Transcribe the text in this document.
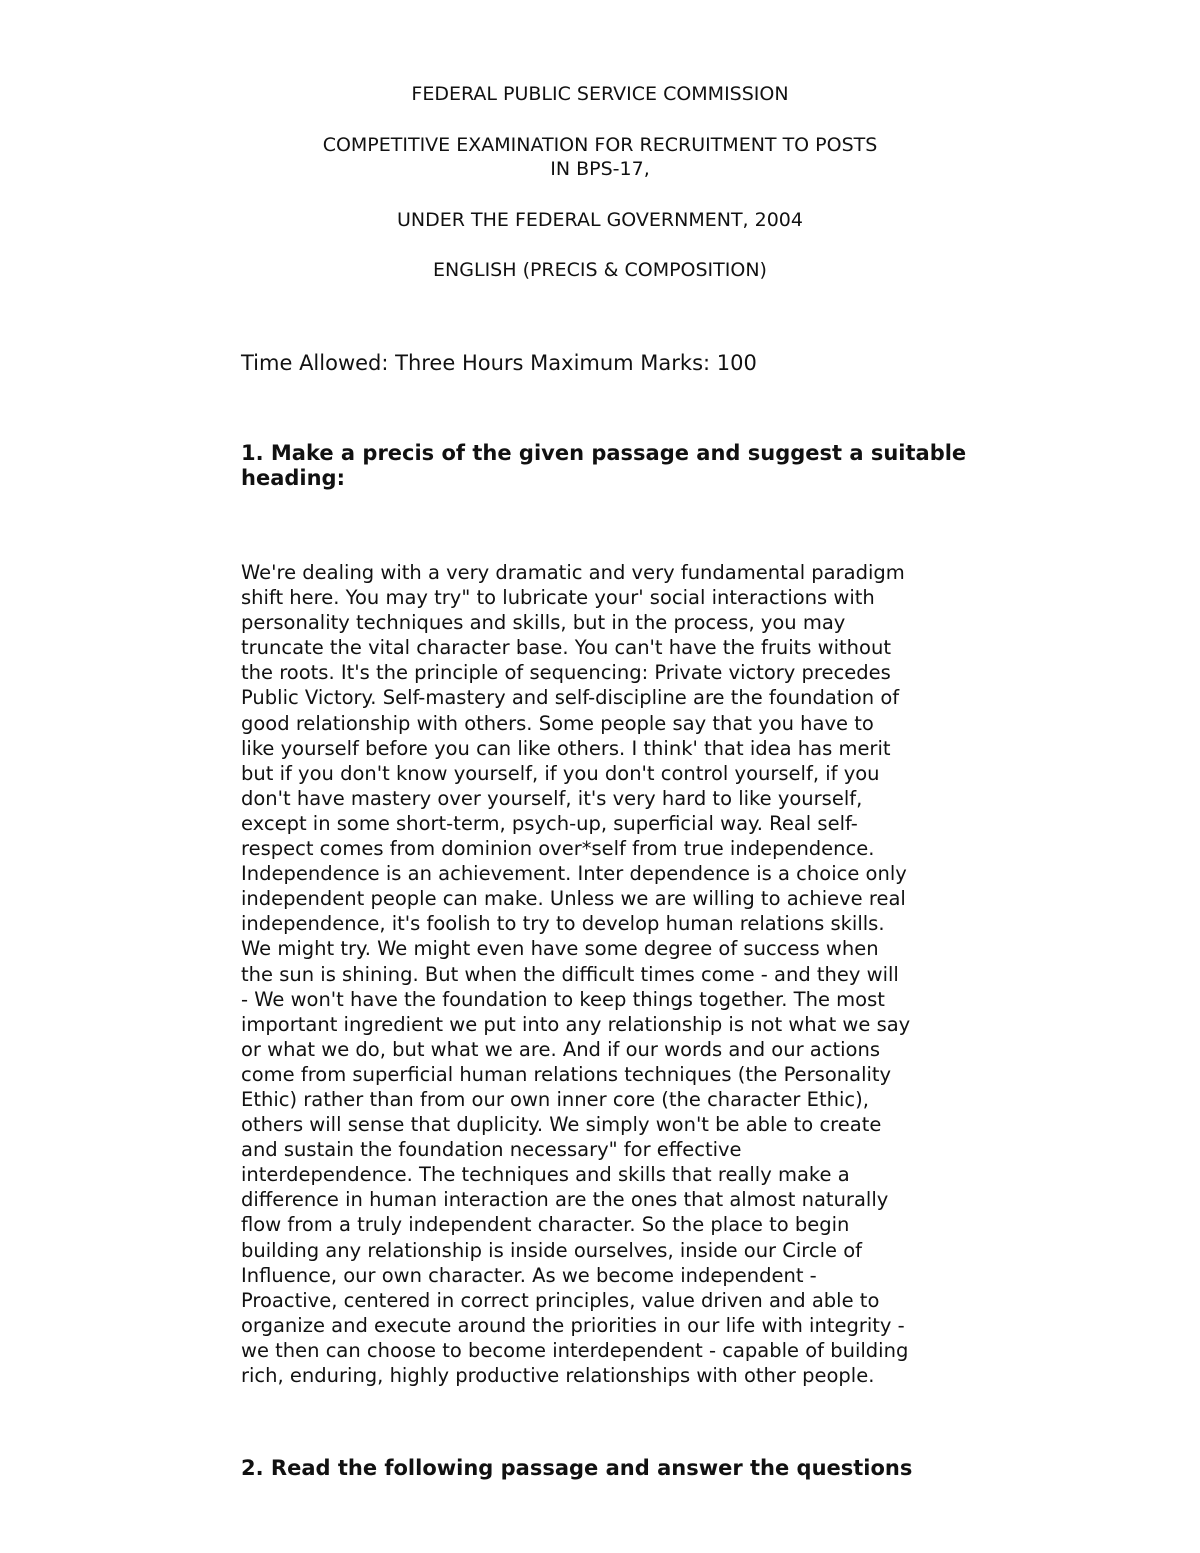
FEDERAL PUBLIC SERVICE COMMISSION
COMPETITIVE EXAMINATION FOR RECRUITMENT TO POSTS
IN BPS-17,
UNDER THE FEDERAL GOVERNMENT, 2004
ENGLISH (PRECIS & COMPOSITION)
Time Allowed: Three Hours Maximum Marks: 100
1. Make a precis of the given passage and suggest a suitable
heading:
We're dealing with a very dramatic and very fundamental paradigm
shift here. You may try" to lubricate your' social interactions with
personality techniques and skills, but in the process, you may
truncate the vital character base. You can't have the fruits without
the roots. It's the principle of sequencing: Private victory precedes
Public Victory. Self-mastery and self-discipline are the foundation of
good relationship with others. Some people say that you have to
like yourself before you can like others. I think' that idea has merit
but if you don't know yourself, if you don't control yourself, if you
don't have mastery over yourself, it's very hard to like yourself,
except in some short-term, psych-up, superficial way. Real self-
respect comes from dominion over*self from true independence.
Independence is an achievement. Inter dependence is a choice only
independent people can make. Unless we are willing to achieve real
independence, it's foolish to try to develop human relations skills.
We might try. We might even have some degree of success when
the sun is shining. But when the difficult times come - and they will
- We won't have the foundation to keep things together. The most
important ingredient we put into any relationship is not what we say
or what we do, but what we are. And if our words and our actions
come from superficial human relations techniques (the Personality
Ethic) rather than from our own inner core (the character Ethic),
others will sense that duplicity. We simply won't be able to create
and sustain the foundation necessary" for effective
interdependence. The techniques and skills that really make a
difference in human interaction are the ones that almost naturally
flow from a truly independent character. So the place to begin
building any relationship is inside ourselves, inside our Circle of
Influence, our own character. As we become independent -
Proactive, centered in correct principles, value driven and able to
organize and execute around the priorities in our life with integrity -
we then can choose to become interdependent - capable of building
rich, enduring, highly productive relationships with other people.
2. Read the following passage and answer the questions
